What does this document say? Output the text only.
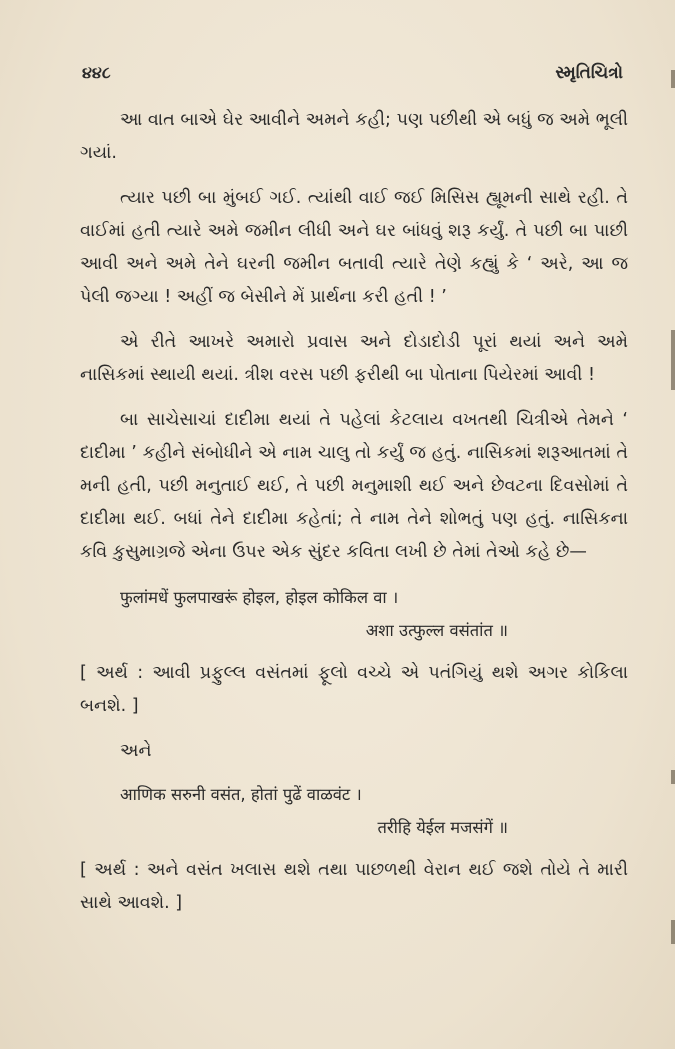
૪૪૮	સ્મૃતિચિત્રો

આ વાત બાએ ઘેર આવીને અમને કહી; પણ પછીથી એ બધું જ અમે ભૂલી ગયાં.

ત્યાર પછી બા મુંબઈ ગઈ. ત્યાંથી વાઈ જઈ મિસિસ હ્યૂમની સાથે રહી. તે વાઈમાં હતી ત્યારે અમે જમીન લીધી અને ઘર બાંધવું શરૂ કર્યું. તે પછી બા પાછી આવી અને અમે તેને ઘરની જમીન બતાવી ત્યારે તેણે કહ્યું કે ‘ અરે, આ જ પેલી જગ્યા ! અહીં જ બેસીને મેં પ્રાર્થના કરી હતી ! ’

એ રીતે આખરે અમારો પ્રવાસ અને દોડાદોડી પૂરાં થયાં અને અમે નાસિકમાં સ્થાયી થયાં. ત્રીશ વરસ પછી ફરીથી બા પોતાના પિયેરમાં આવી !

બા સાચેસાચાં દાદીમા થયાં તે પહેલાં કેટલાય વખતથી ચિત્રીએ તેમને ‘ દાદીમા ’ કહીને સંબોધીને એ નામ ચાલુ તો કર્યું જ હતું. નાસિકમાં શરૂઆતમાં તે મની હતી, પછી મનુતાઈ થઈ, તે પછી મનુમાશી થઈ અને છેવટના દિવસોમાં તે દાદીમા થઈ. બધાં તેને દાદીમા કહેતાં; તે નામ તેને શોભતું પણ હતું. નાસિકના કવિ કુસુમાગ્રજે એના ઉપર એક સુંદર કવિતા લખી છે તેમાં તેઓ કહે છે—

फुलांमधें फुलपाखरूं होइल, होइल कोकिल वा ।
अशा उत्फुल्ल वसंतांत ॥

[ અર્થ : આવી પ્રફુલ્લ વસંતમાં ફૂલો વચ્ચે એ પતંગિયું થશે અગર કોકિલા બનશે. ]

અને
आणिक सरुनी वसंत, होतां पुढें वाळवंट ।
तरीहि येईल मजसंगें ॥

[ અર્થ : અને વસંત ખલાસ થશે તથા પાછળથી વેરાન થઈ જશે તોયે તે મારી સાથે આવશે. ]
